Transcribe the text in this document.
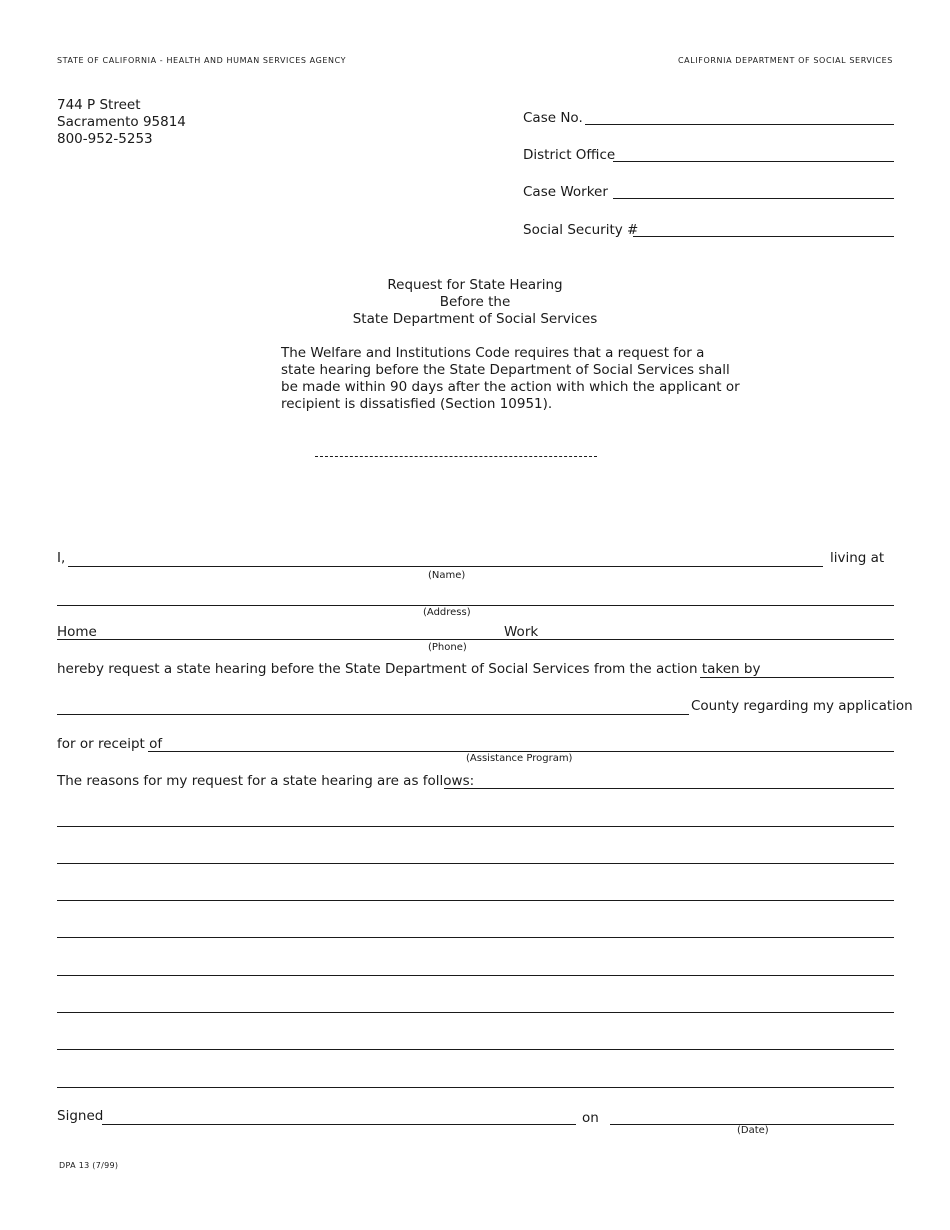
STATE OF CALIFORNIA - HEALTH AND HUMAN SERVICES AGENCY	CALIFORNIA DEPARTMENT OF SOCIAL SERVICES
744 P Street
Sacramento 95814
800-952-5253
Case No.
District Office
Case Worker
Social Security #
Request for State Hearing
Before the
State Department of Social Services
The Welfare and Institutions Code requires that a request for a
state hearing before the State Department of Social Services shall
be made within 90 days after the action with which the applicant or
recipient is dissatisfied (Section 10951).
I,	living at
(Name)
(Address)
Home	Work
(Phone)
hereby request a state hearing before the State Department of Social Services from the action taken by
County regarding my application
for or receipt of
(Assistance Program)
The reasons for my request for a state hearing are as follows:
Signed	on
(Date)
DPA 13 (7/99)
